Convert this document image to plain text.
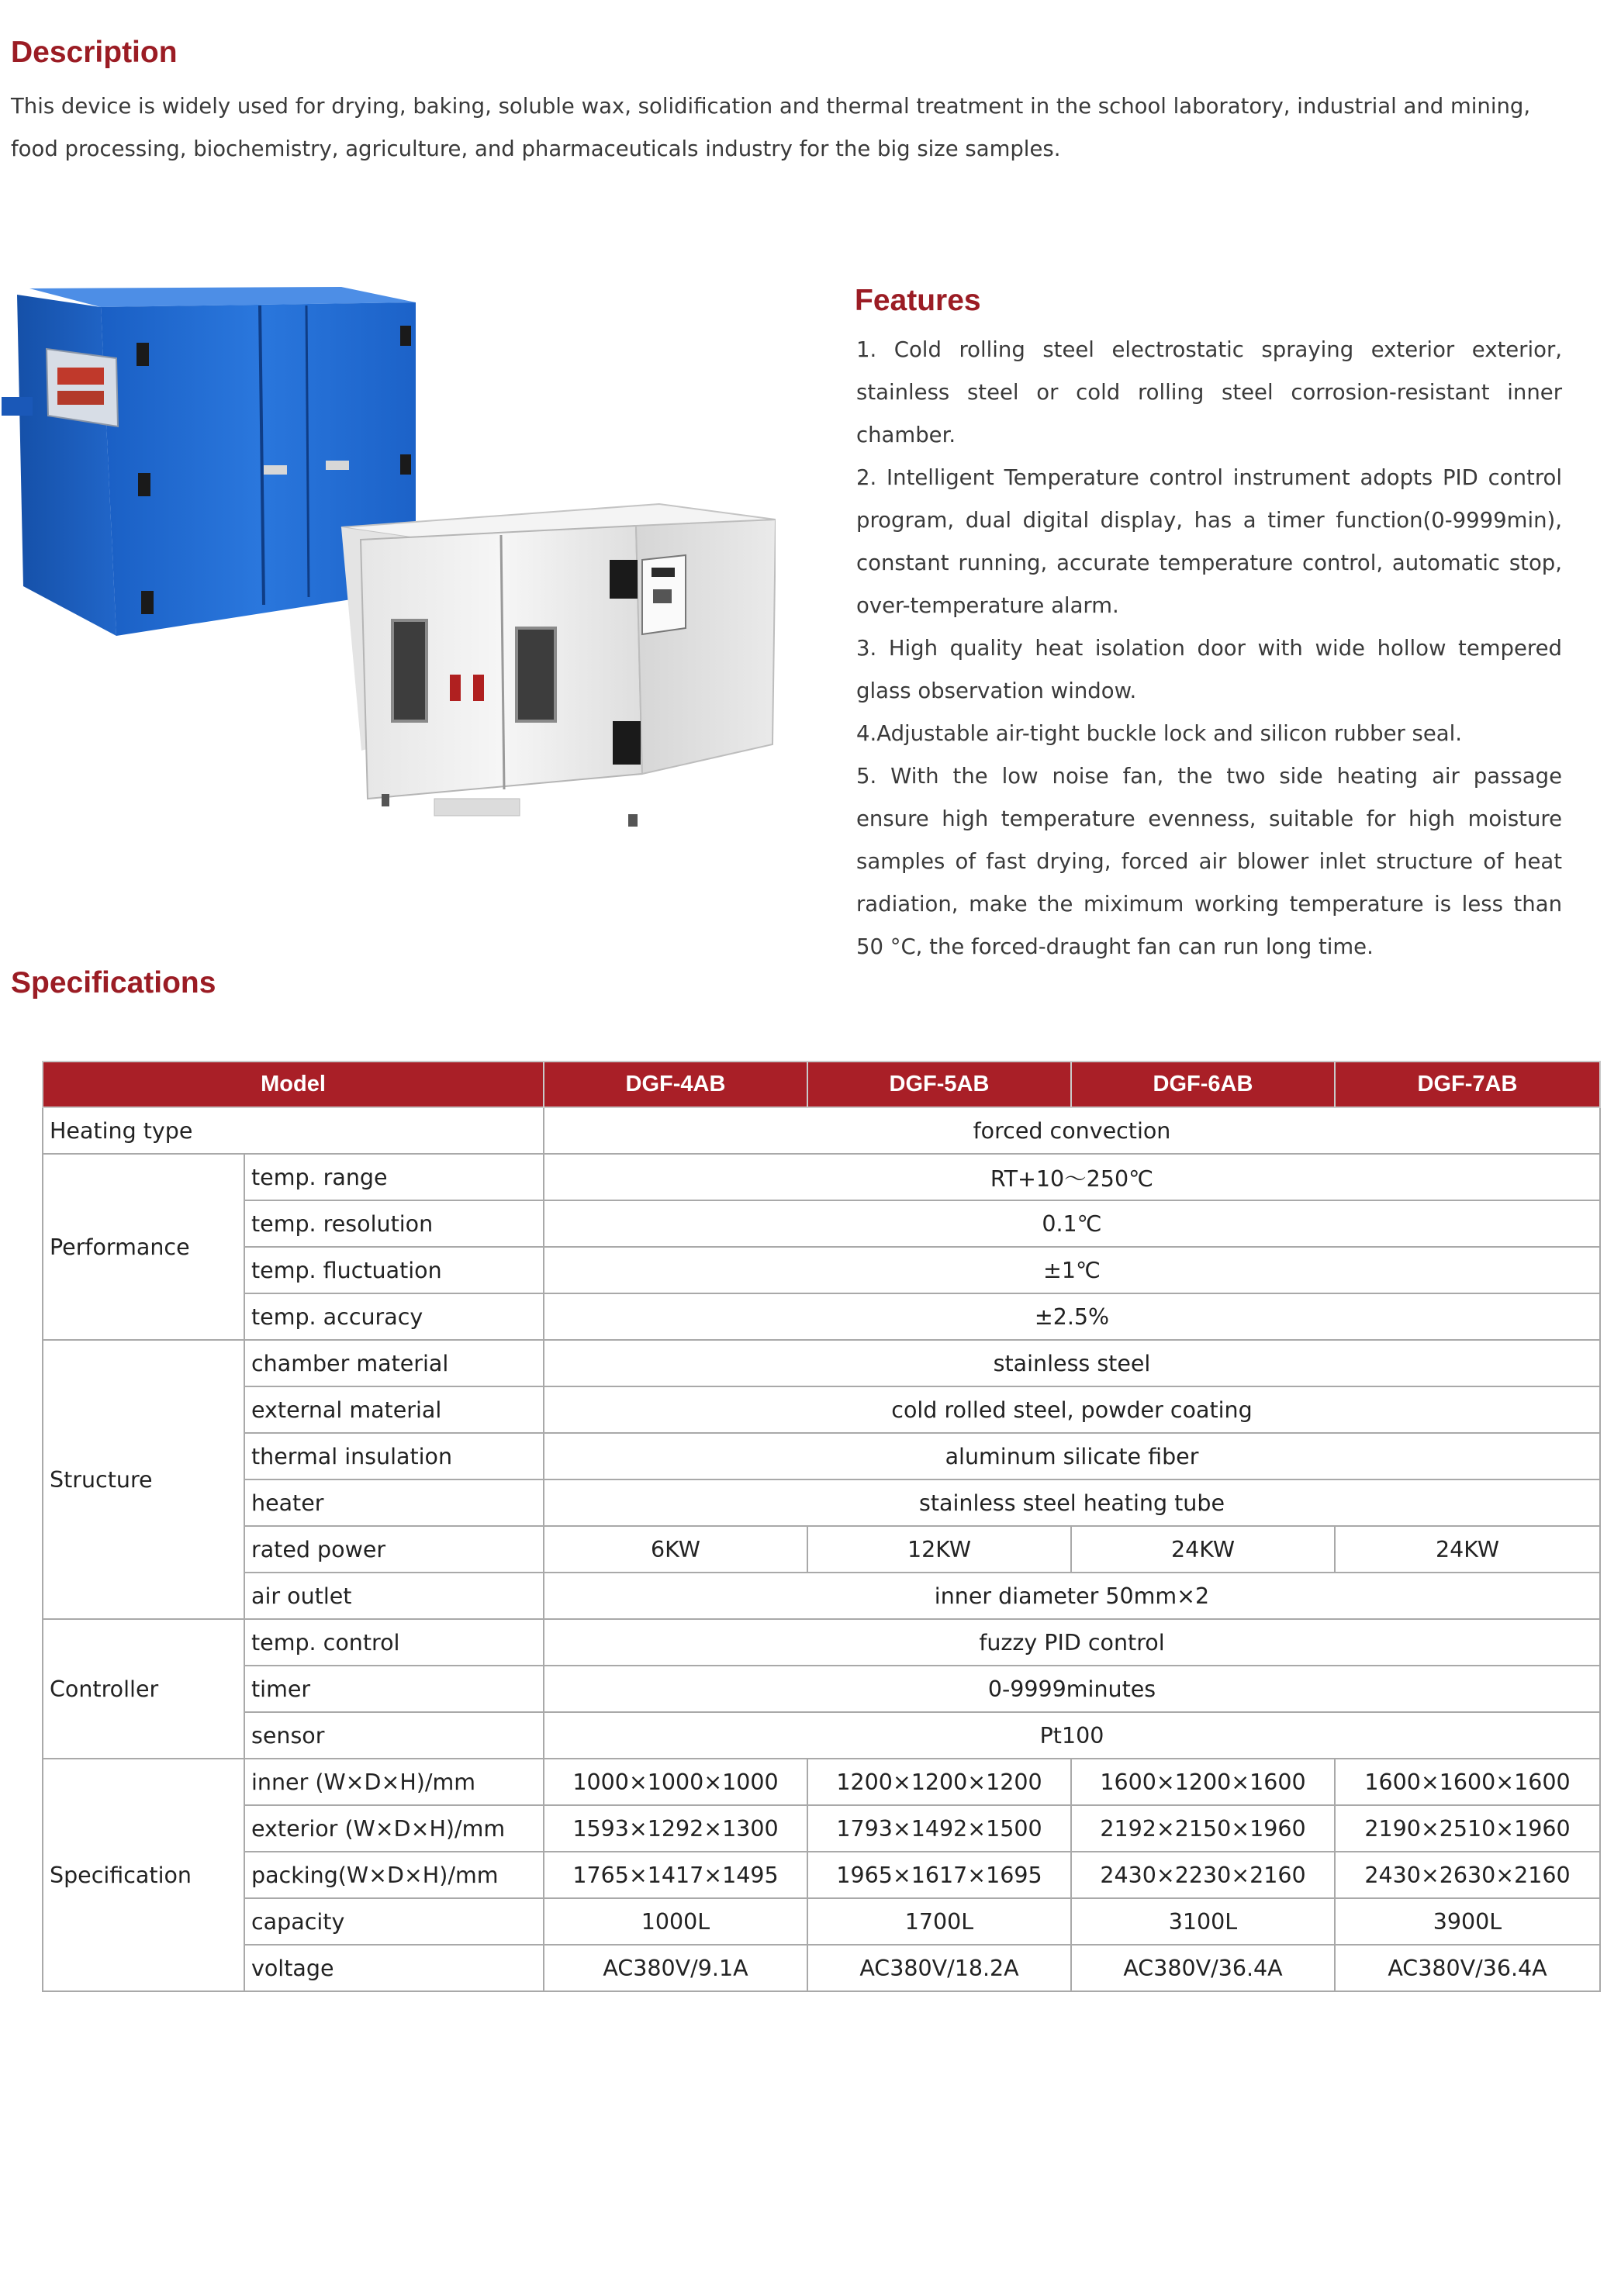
Description

This device is widely used for drying, baking, soluble wax, solidification and thermal treatment in the school laboratory, industrial and mining, food processing, biochemistry, agriculture, and pharmaceuticals industry for the big size samples.

Features
1. Cold rolling steel electrostatic spraying exterior exterior, stainless steel or cold rolling steel corrosion-resistant inner chamber.
2. Intelligent Temperature control instrument adopts PID control program, dual digital display, has a timer function(0-9999min), constant running, accurate temperature control, automatic stop, over-temperature alarm.
3. High quality heat isolation door with wide hollow tempered glass observation window.
4.Adjustable air-tight buckle lock and silicon rubber seal.
5. With the low noise fan, the two side heating air passage ensure high temperature evenness, suitable for high moisture samples of fast drying, forced air blower inlet structure of heat radiation, make the miximum working temperature is less than 50 °C, the forced-draught fan can run long time.
Specifications
Model		DGF-4AB	DGF-5AB	DGF-6AB	DGF-7AB
Heating type		forced convection			
Performance	temp. range	RT+10～250℃			
	temp. resolution	0.1℃			
	temp. fluctuation	±1℃			
	temp. accuracy	±2.5%			
Structure	chamber material	stainless steel			
	external material	cold rolled steel, powder coating			
	thermal insulation	aluminum silicate fiber			
	heater	stainless steel heating tube			
	rated power	6KW	12KW	24KW	24KW
	air outlet	inner diameter 50mm×2			
Controller	temp. control	fuzzy PID control			
	timer	0-9999minutes			
	sensor	Pt100			
Specification	inner (W×D×H)/mm	1000×1000×1000	1200×1200×1200	1600×1200×1600	1600×1600×1600
	exterior (W×D×H)/mm	1593×1292×1300	1793×1492×1500	2192×2150×1960	2190×2510×1960
	packing(W×D×H)/mm	1765×1417×1495	1965×1617×1695	2430×2230×2160	2430×2630×2160
	capacity	1000L	1700L	3100L	3900L
	voltage	AC380V/9.1A	AC380V/18.2A	AC380V/36.4A	AC380V/36.4A
